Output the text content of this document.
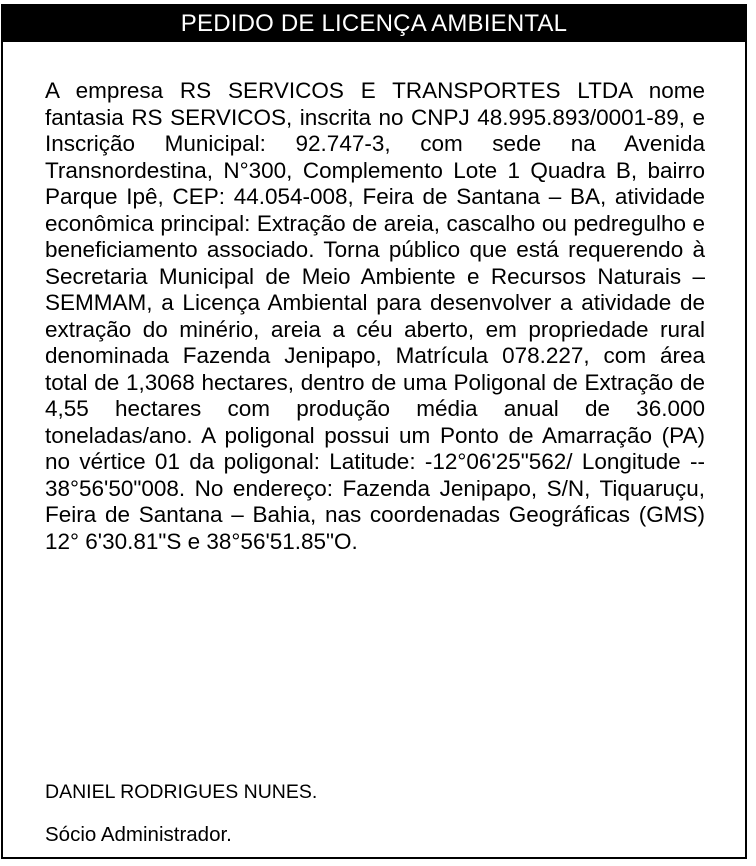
PEDIDO DE LICENÇA AMBIENTAL
A empresa RS SERVICOS E TRANSPORTES LTDA nome fantasia RS SERVICOS, inscrita no CNPJ 48.995.893/0001-89, e Inscrição Municipal: 92.747-3, com sede na Avenida Transnordestina, N°300, Complemento Lote 1 Quadra B, bairro Parque Ipê, CEP: 44.054-008, Feira de Santana – BA, atividade econômica principal: Extração de areia, cascalho ou pedregulho e beneficiamento associado. Torna público que está requerendo à Secretaria Municipal de Meio Ambiente e Recursos Naturais – SEMMAM, a Licença Ambiental para desenvolver a atividade de extração do minério, areia a céu aberto, em propriedade rural denominada Fazenda Jenipapo, Matrícula 078.227, com área total de 1,3068 hectares, dentro de uma Poligonal de Extração de 4,55 hectares com produção média anual de 36.000 toneladas/ano. A poligonal possui um Ponto de Amarração (PA) no vértice 01 da poligonal: Latitude: -12°06'25"562/ Longitude -- 38°56'50"008. No endereço: Fazenda Jenipapo, S/N, Tiquaruçu, Feira de Santana – Bahia, nas coordenadas Geográficas (GMS) 12° 6'30.81"S e 38°56'51.85"O.
DANIEL RODRIGUES NUNES.
Sócio Administrador.
